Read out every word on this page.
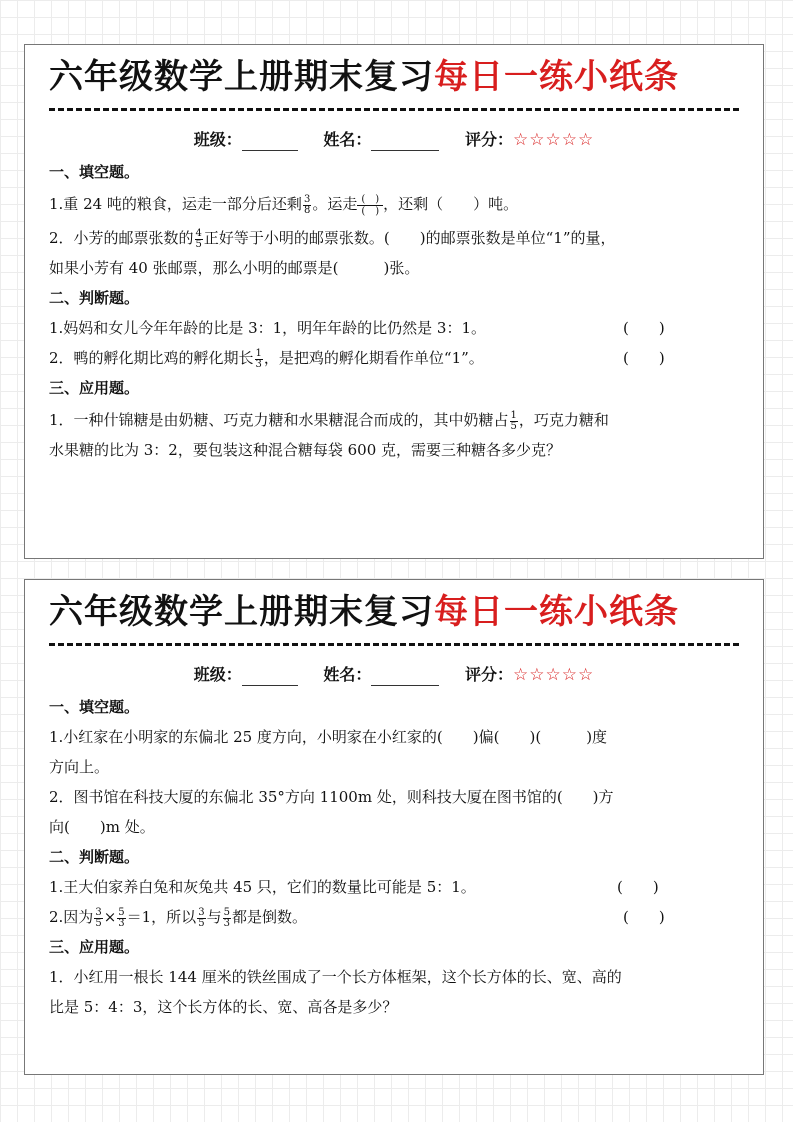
六年级数学上册期末复习每日一练小纸条
班级：	姓名：	评分：☆☆☆☆☆
一、填空题。
1.重 24 吨的粮食，运走一部分后还剩 $\frac{3}{8}$ 。运走 (　)
(　) ，还剩（　　）吨。
2．小芳的邮票张数的 $\frac{4}{5}$ 正好等于小明的邮票张数。(　　)的邮票张数是单位“1”的量，
如果小芳有 40 张邮票，那么小明的邮票是(　　　)张。
二、判断题。
1.妈妈和女儿今年年龄的比是 3：1，明年年龄的比仍然是 3：1。	(　　)
2．鸭的孵化期比鸡的孵化期长 $\frac{1}{3}$ ，是把鸡的孵化期看作单位“1”。	(　　)
三、应用题。
1．一种什锦糖是由奶糖、巧克力糖和水果糖混合而成的，其中奶糖占 $\frac{1}{5}$ ，巧克力糖和
水果糖的比为 3：2，要包装这种混合糖每袋 600 克，需要三种糖各多少克？
六年级数学上册期末复习每日一练小纸条
班级：	姓名：	评分：☆☆☆☆☆
一、填空题。
1.小红家在小明家的东偏北 25 度方向，小明家在小红家的(　　)偏(　　)(　　　)度
方向上。
2．图书馆在科技大厦的东偏北 35°方向 1100m 处，则科技大厦在图书馆的(　　)方
向(　　)m 处。
二、判断题。
1.王大伯家养白兔和灰兔共 45 只，它们的数量比可能是 5：1。	(　　)
2.因为 $\frac{3}{5} \times \frac{5}{3} =1$，所以 $\frac{3}{5}$ 与 $\frac{5}{3}$ 都是倒数。	(　　)
三、应用题。
1．小红用一根长 144 厘米的铁丝围成了一个长方体框架，这个长方体的长、宽、高的
比是 5：4：3，这个长方体的长、宽、高各是多少？
